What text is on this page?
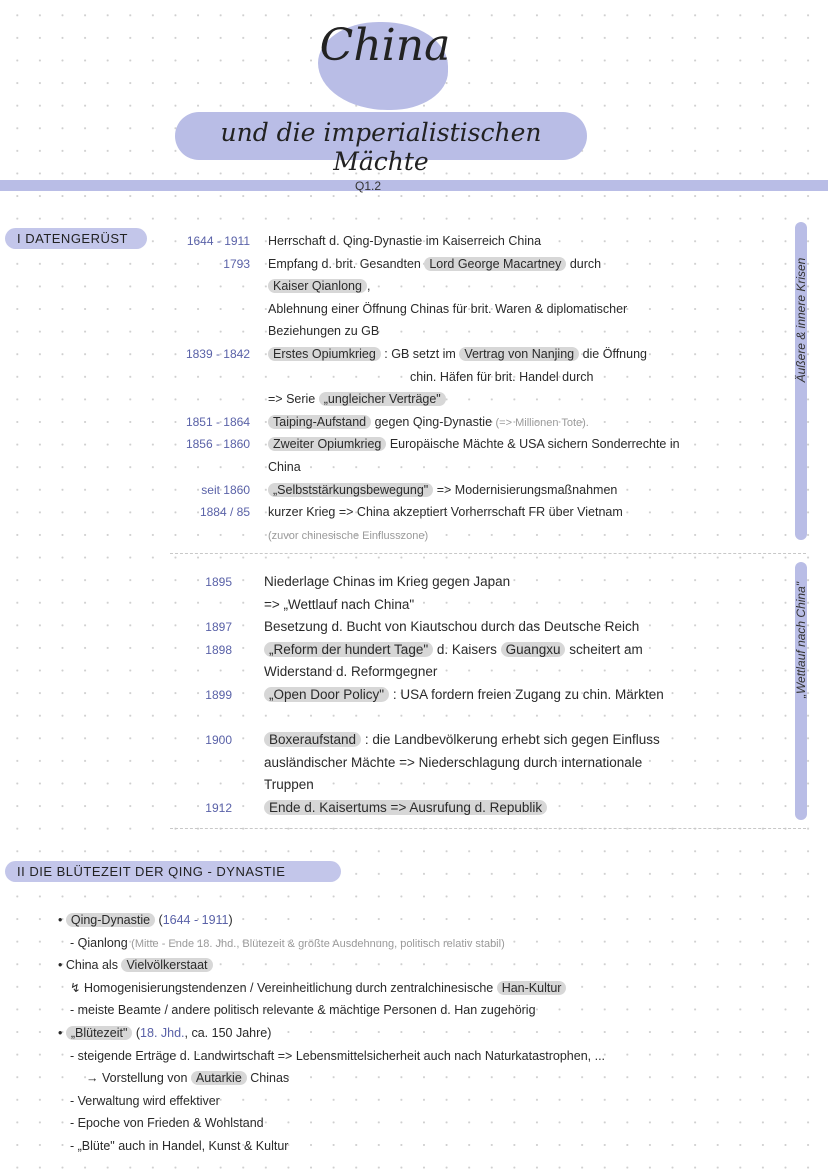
China
und die imperialistischen Mächte
Q1.2
I DATENGERÜST	1644 - 1911 Herrschaft d. Qing-Dynastie im Kaiserreich China
1793 Empfang d. brit. Gesandten Lord George Macartney durch
Kaiser Qianlong ,
Ablehnung einer Öffnung Chinas für brit. Waren & diplomatischer
Beziehungen zu GB
1839 - 1842	Erstes Opiumkrieg : GB setzt im Vertrag von Nanjing die Öffnung
chin. Häfen für brit. Handel durch
=> Serie „ungleicher Verträge"
1851 - 1864	Taiping-Aufstand gegen Qing-Dynastie (=> Millionen Tote).
1856 - 1860	Zweiter Opiumkrieg Europäische Mächte & USA sichern Sonderrechte in
China
seit 1860	„Selbststärkungsbewegung" => Modernisierungsmaßnahmen
1884 / 85 kurzer Krieg => China akzeptiert Vorherrschaft FR über Vietnam
(zuvor chinesische Einflusszone)
1895 Niederlage Chinas im Krieg gegen Japan
=> „Wettlauf nach China"
1897 Besetzung d. Bucht von Kiautschou durch das Deutsche Reich
1898	„Reform der hundert Tage" d. Kaisers Guangxu scheitert am
Widerstand d. Reformgegner
1899	„Open Door Policy" : USA fordern freien Zugang zu chin. Märkten
1900	Boxeraufstand : die Landbevölkerung erhebt sich gegen Einfluss
ausländischer Mächte => Niederschlagung durch internationale
Truppen
1912	Ende d. Kaisertums => Ausrufung d. Republik
Äußere & innere Krisen
„Wettlauf nach China"
II DIE BLÜTEZEIT DER QING - DYNASTIE
• Qing-Dynastie (1644 - 1911)
- Qianlong (Mitte - Ende 18. Jhd., Blütezeit & größte Ausdehnung, politisch relativ stabil)
• China als Vielvölkerstaat
↯ Homogenisierungstendenzen / Vereinheitlichung durch zentralchinesische Han-Kultur
- meiste Beamte / andere politisch relevante & mächtige Personen d. Han zugehörig
• „Blütezeit" (18. Jhd., ca. 150 Jahre)
- steigende Erträge d. Landwirtschaft => Lebensmittelsicherheit auch nach Naturkatastrophen, ...
→ Vorstellung von Autarkie Chinas
- Verwaltung wird effektiver
- Epoche von Frieden & Wohlstand
- „Blüte" auch in Handel, Kunst & Kultur
